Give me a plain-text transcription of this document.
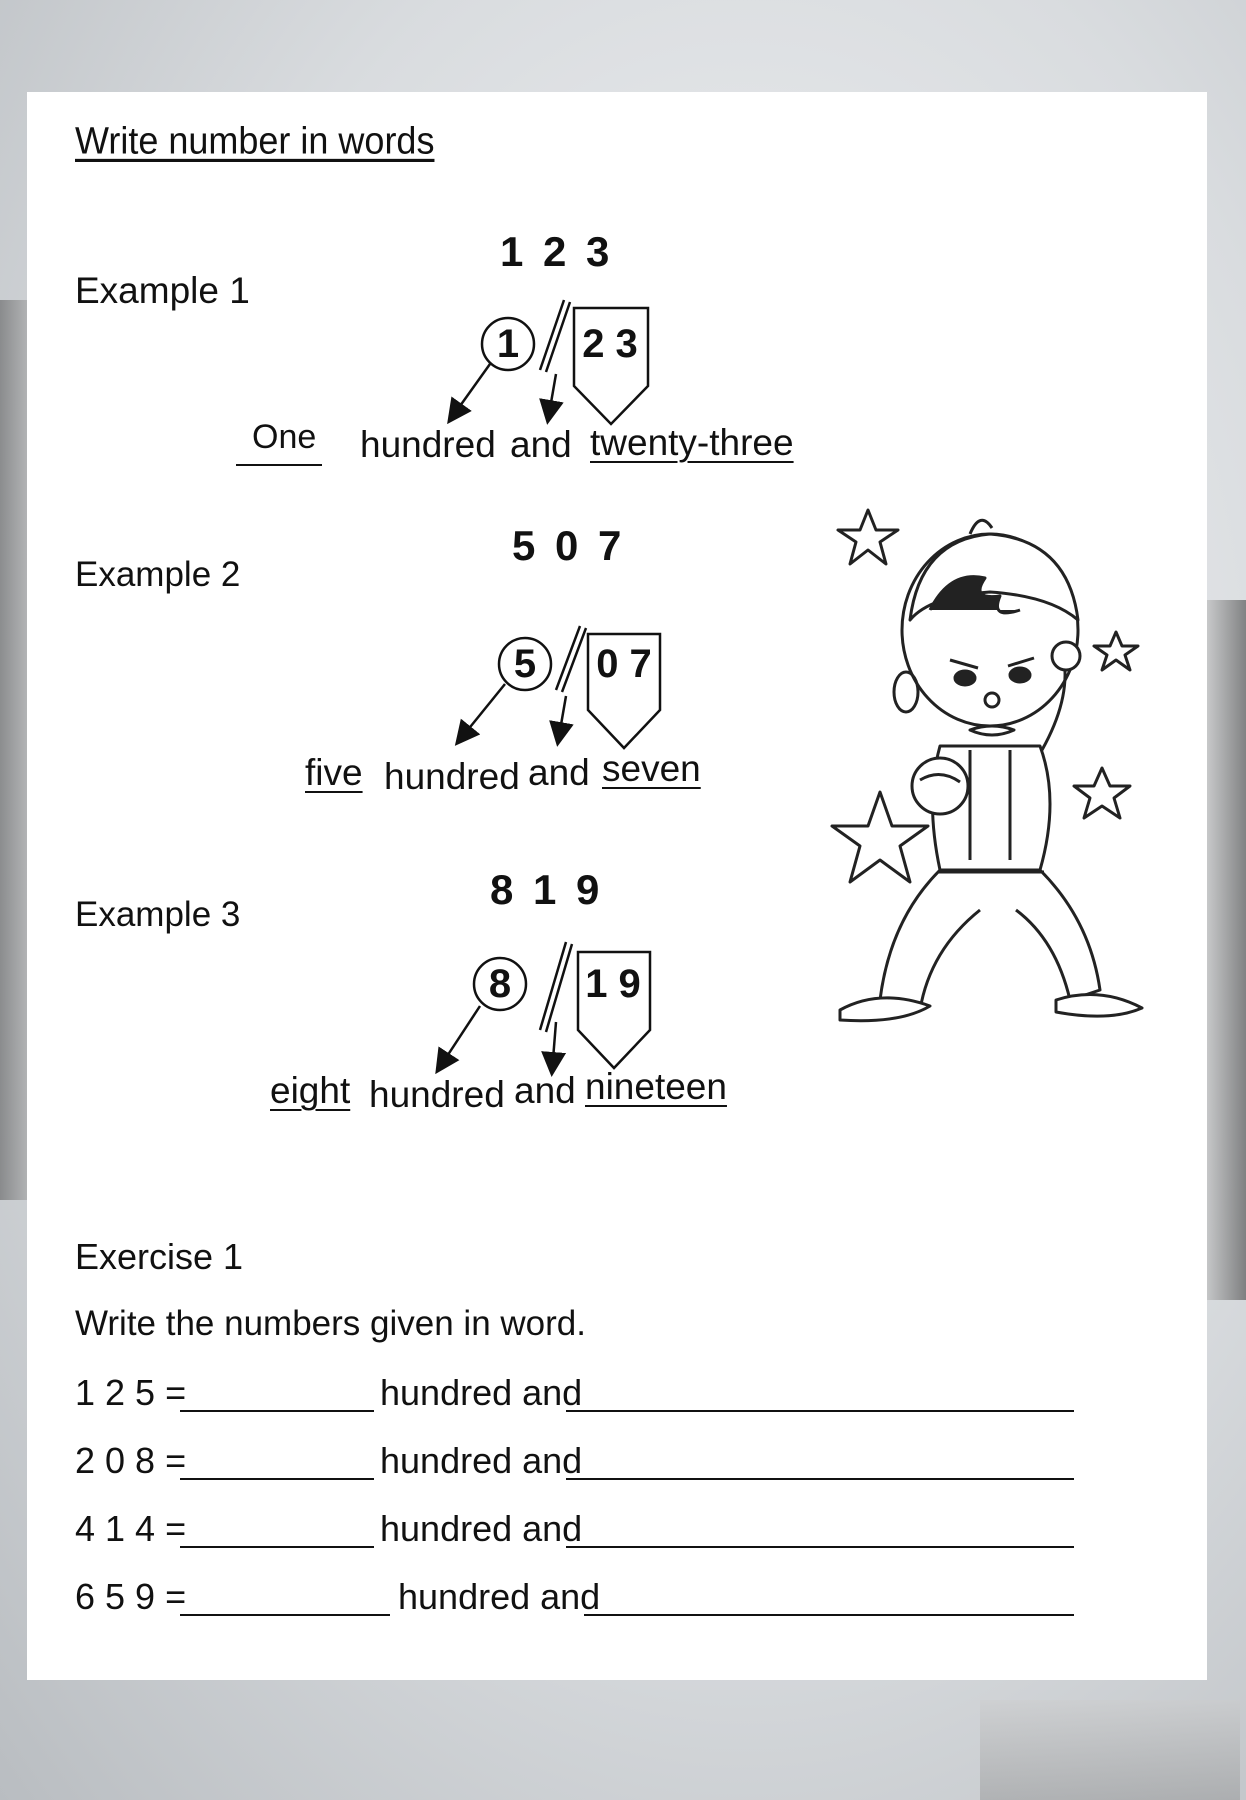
Write number in words
Example 1
1 2 3
1 2 3
One hundred and twenty-three
Example 2
5 0 7
5 0 7
five hundred and seven
Example 3
8 1 9
8 1 9
eight hundred and nineteen
Exercise 1
Write the numbers given in word.
1 2 5 =	hundred and
2 0 8 =	hundred and
4 1 4 =	hundred and
6 5 9 =	hundred and
